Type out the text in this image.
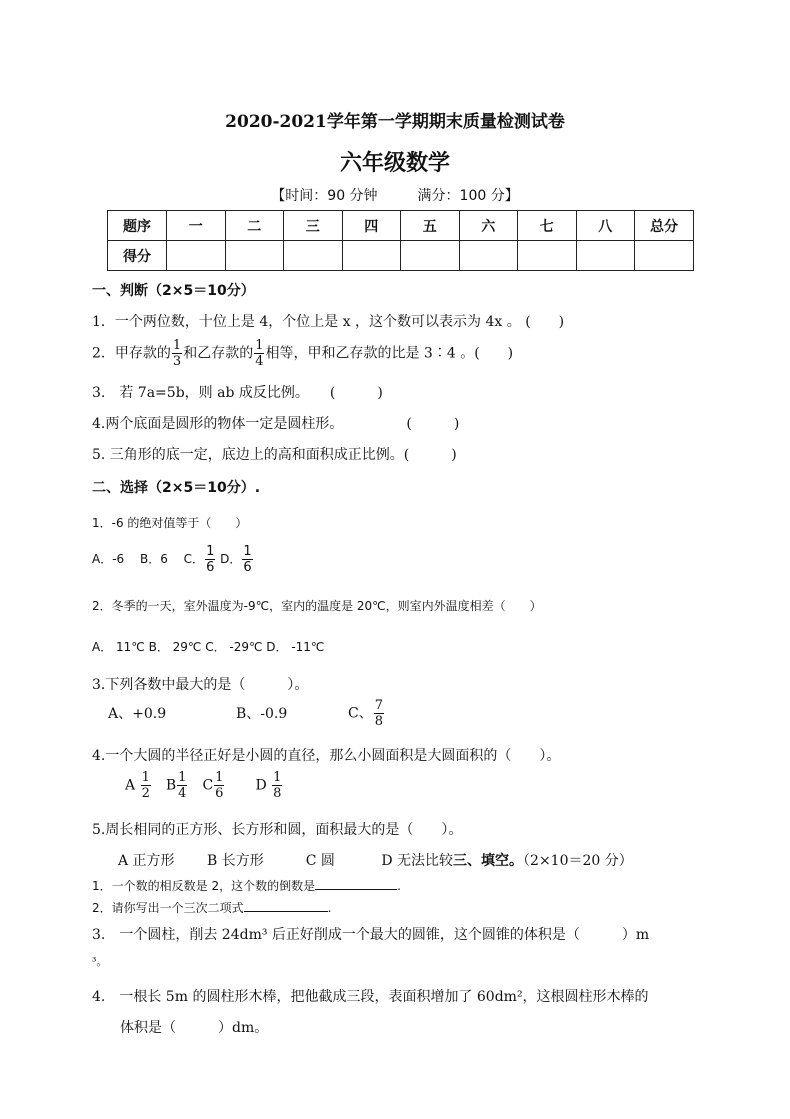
2020-2021学年第一学期期末质量检测试卷
六年级数学
【时间：90 分钟	满分：100 分】
题序	一	二	三	四	五	六	七	八	总分
得分									
一、判断（2×5＝10分）
1．一个两位数，十位上是 4，个位上是 x ，这个数可以表示为 4x 。 (　　)
2．甲存款的 $\frac{1}{3}$ 和乙存款的 $\frac{1}{4}$ 相等，甲和乙存款的比是 3∶4 。(　　)
3.　若 7a=5b，则 ab 成反比例。　　(　　　)
4.两个底面是圆形的物体一定是圆柱形。　　　　　(　　　)
5. 三角形的底一定，底边上的高和面积成正比例。(　　　)
二、选择（2×5＝10分）.
1．-6 的绝对值等于（　　）
A．-6　 B．6　 C． $\frac{1}{6}$ D． $\frac{1}{6}$
2．冬季的一天，室外温度为-9℃，室内的温度是 20℃，则室内外温度相差（　　）
A． 11℃ B． 29℃ C． -29℃ D． -11℃
3.下列各数中最大的是（　　　）。
A、+0.9	B、-0.9	C、 $\frac{7}{8}$
4.一个大圆的半径正好是小圆的直径，那么小圆面积是大圆面积的（　　）。
A $\frac{1}{2}$ B $\frac{1}{4}$ C $\frac{1}{6}$ D $\frac{1}{8}$
5.周长相同的正方形、长方形和圆，面积最大的是（　　）。
A 正方形　　 B 长方形　　　C 圆　　　 D 无法比较三、填空。（2×10＝20 分）
1．一个数的相反数是 2，这个数的倒数是	.
2．请你写出一个三次二项式	.
3.　一个圆柱，削去 24dm³ 后正好削成一个最大的圆锥，这个圆锥的体积是（　　　）m
³。
4.　一根长 5m 的圆柱形木棒，把他截成三段，表面积增加了 60dm²，这根圆柱形木棒的
体积是（　　　）dm。
